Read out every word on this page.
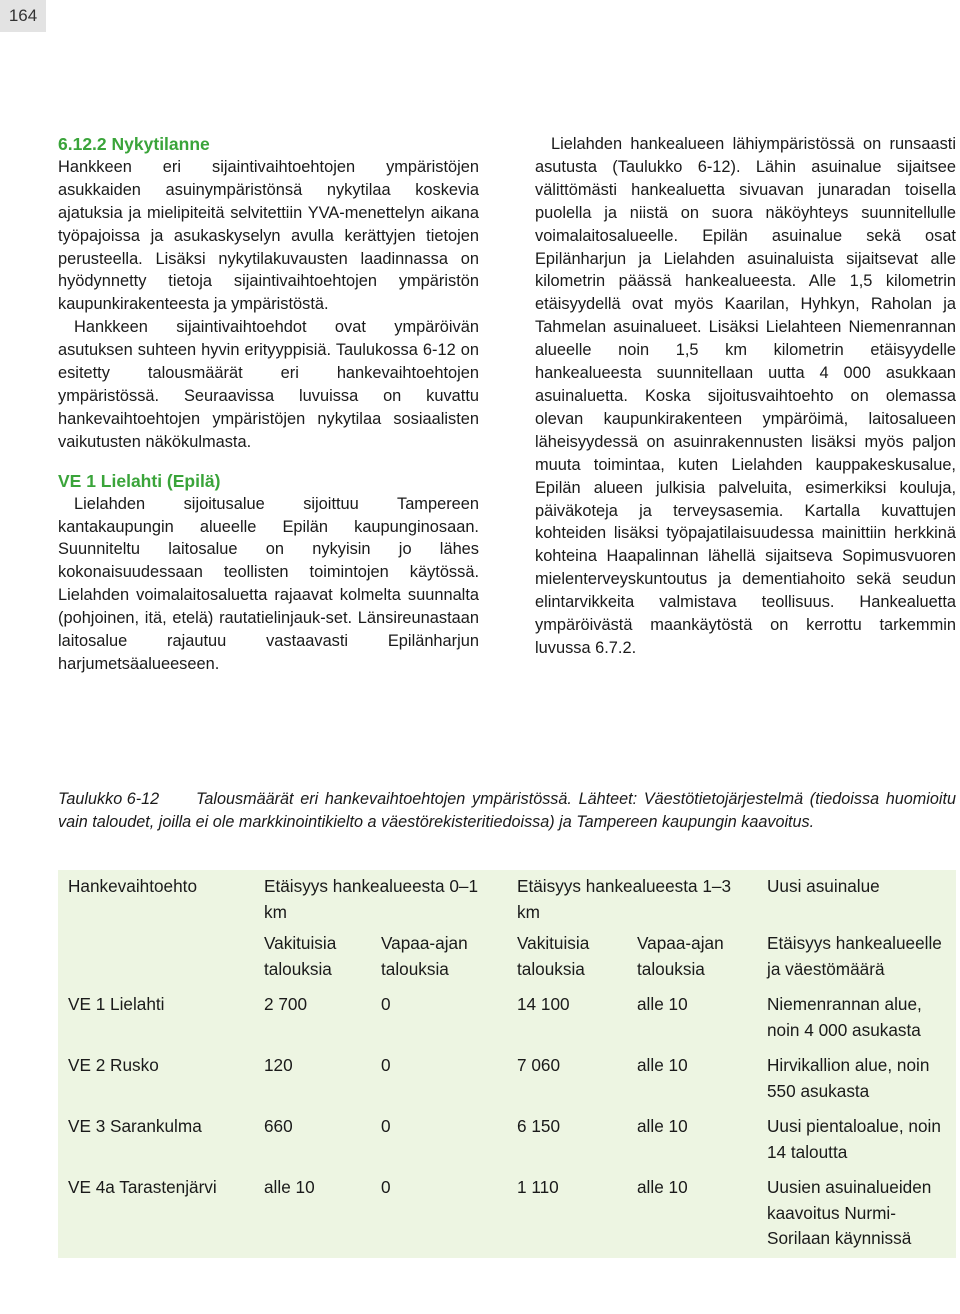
164

6.12.2 Nykytilanne

Hankkeen eri sijaintivaihtoehtojen ympäristöjen asukkaiden asuinympäristönsä nykytilaa koskevia ajatuksia ja mielipiteitä selvitettiin YVA-menettelyn aikana työpajoissa ja asukaskyselyn avulla kerättyjen tietojen perusteella. Lisäksi nykytilakuvausten laadinnassa on hyödynnetty tietoja sijaintivaihtoehtojen ympäristön kaupunkirakenteesta ja ympäristöstä.

Hankkeen sijaintivaihtoehdot ovat ympäröivän asutuksen suhteen hyvin erityyppisiä. Taulukossa 6-12 on esitetty talousmäärät eri hankevaihtoehtojen ympäristössä. Seuraavissa luvuissa on kuvattu hankevaihtoehtojen ympäristöjen nykytilaa sosiaalisten vaikutusten näkökulmasta.

VE 1 Lielahti (Epilä)

Lielahden sijoitusalue sijoittuu Tampereen kantakaupungin alueelle Epilän kaupunginosaan. Suunniteltu laitosalue on nykyisin jo lähes kokonaisuudessaan teollisten toimintojen käytössä. Lielahden voimalaitosaluetta rajaavat kolmelta suunnalta (pohjoinen, itä, etelä) rautatielinjauk-set. Länsireunastaan laitosalue rajautuu vastaavasti Epilänharjun harjumetsäalueeseen.

Lielahden hankealueen lähiympäristössä on runsaasti asutusta (Taulukko 6-12). Lähin asuinalue sijaitsee välittömästi hankealuetta sivuavan junaradan toisella puolella ja niistä on suora näköyhteys suunnitellulle voimalaitosalueelle. Epilän asuinalue sekä osat Epilänharjun ja Lielahden asuinaluista sijaitsevat alle kilometrin päässä hankealueesta. Alle 1,5 kilometrin etäisyydellä ovat myös Kaarilan, Hyhkyn, Raholan ja Tahmelan asuinalueet. Lisäksi Lielahteen Niemenrannan alueelle noin 1,5 km kilometrin etäisyydelle hankealueesta suunnitellaan uutta 4 000 asukkaan asuinaluetta. Koska sijoitusvaihtoehto on olemassa olevan kaupunkirakenteen ympäröimä, laitosalueen läheisyydessä on asuinrakennusten lisäksi myös paljon muuta toimintaa, kuten Lielahden kauppakeskusalue, Epilän alueen julkisia palveluita, esimerkiksi kouluja, päiväkoteja ja terveysasemia. Kartalla kuvattujen kohteiden lisäksi työpajatilaisuudessa mainittiin herkkinä kohteina Haapalinnan lähellä sijaitseva Sopimusvuoren mielenterveyskuntoutus ja dementiahoito sekä seudun elintarvikkeita valmistava teollisuus. Hankealuetta ympäröivästä maankäytöstä on kerrottu tarkemmin luvussa 6.7.2.

Taulukko 6-12 Talousmäärät eri hankevaihtoehtojen ympäristössä. Lähteet: Väestötietojärjestelmä (tiedoissa huomioitu vain taloudet, joilla ei ole markkinointikielto a väestörekisteritiedoissa) ja Tampereen kaupungin kaavoitus.
Hankevaihtoehto	Etäisyys hankealueesta 0–1 km		Etäisyys hankealueesta 1–3 km		Uusi asuinalue
	Vakituisia talouksia	Vapaa-ajan talouksia	Vakituisia talouksia	Vapaa-ajan talouksia	Etäisyys hankealueelle ja väestömäärä
VE 1 Lielahti	2 700	0	14 100	alle 10	Niemenrannan alue, noin 4 000 asukasta
VE 2 Rusko	120	0	7 060	alle 10	Hirvikallion alue, noin 550 asukasta
VE 3 Sarankulma	660	0	6 150	alle 10	Uusi pientaloalue, noin 14 taloutta
VE 4a Tarastenjärvi	alle 10	0	1 110	alle 10	Uusien asuinalueiden kaavoitus Nurmi-Sorilaan käynnissä
